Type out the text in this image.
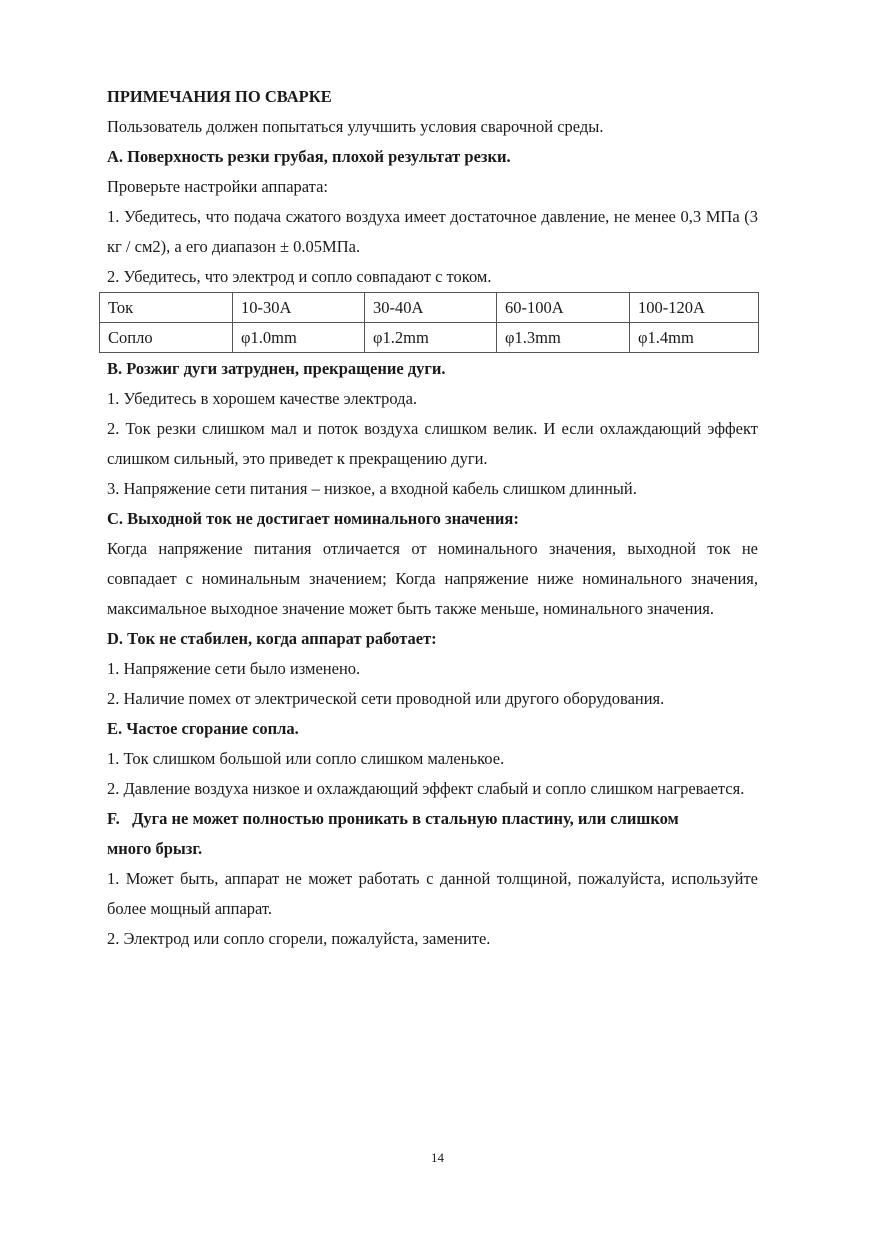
ПРИМЕЧАНИЯ ПО СВАРКЕ

Пользователь должен попытаться улучшить условия сварочной среды.

A. Поверхность резки грубая, плохой результат резки.

Проверьте настройки аппарата:

1. Убедитесь, что подача сжатого воздуха имеет достаточное давление, не менее 0,3 МПа (3 кг / см2), а его диапазон ± 0.05МПа.

2. Убедитесь, что электрод и сопло совпадают с током.

Ток	10-30A	30-40A	60-100A	100-120A
Сопло	φ1.0mm	φ1.2mm	φ1.3mm	φ1.4mm

B. Розжиг дуги затруднен, прекращение дуги.

1. Убедитесь в хорошем качестве электрода.

2. Ток резки слишком мал и поток воздуха слишком велик. И если охлаждающий эффект слишком сильный, это приведет к прекращению дуги.

3. Напряжение сети питания – низкое, а входной кабель слишком длинный.

C. Выходной ток не достигает номинального значения:

Когда напряжение питания отличается от номинального значения, выходной ток не совпадает с номинальным значением; Когда напряжение ниже номинального значения, максимальное выходное значение может быть также меньше, номинального значения.

D. Ток не стабилен, когда аппарат работает:

1. Напряжение сети было изменено.

2. Наличие помех от электрической сети проводной или другого оборудования.

E. Частое сгорание сопла.

1. Ток слишком большой или сопло слишком маленькое.

2. Давление воздуха низкое и охлаждающий эффект слабый и сопло слишком нагревается.

F.   Дуга не может полностью проникать в стальную пластину, или слишком

много брызг.

1. Может быть, аппарат не может работать с данной толщиной, пожалуйста, используйте более мощный аппарат.

2. Электрод или сопло сгорели, пожалуйста, замените.

14
